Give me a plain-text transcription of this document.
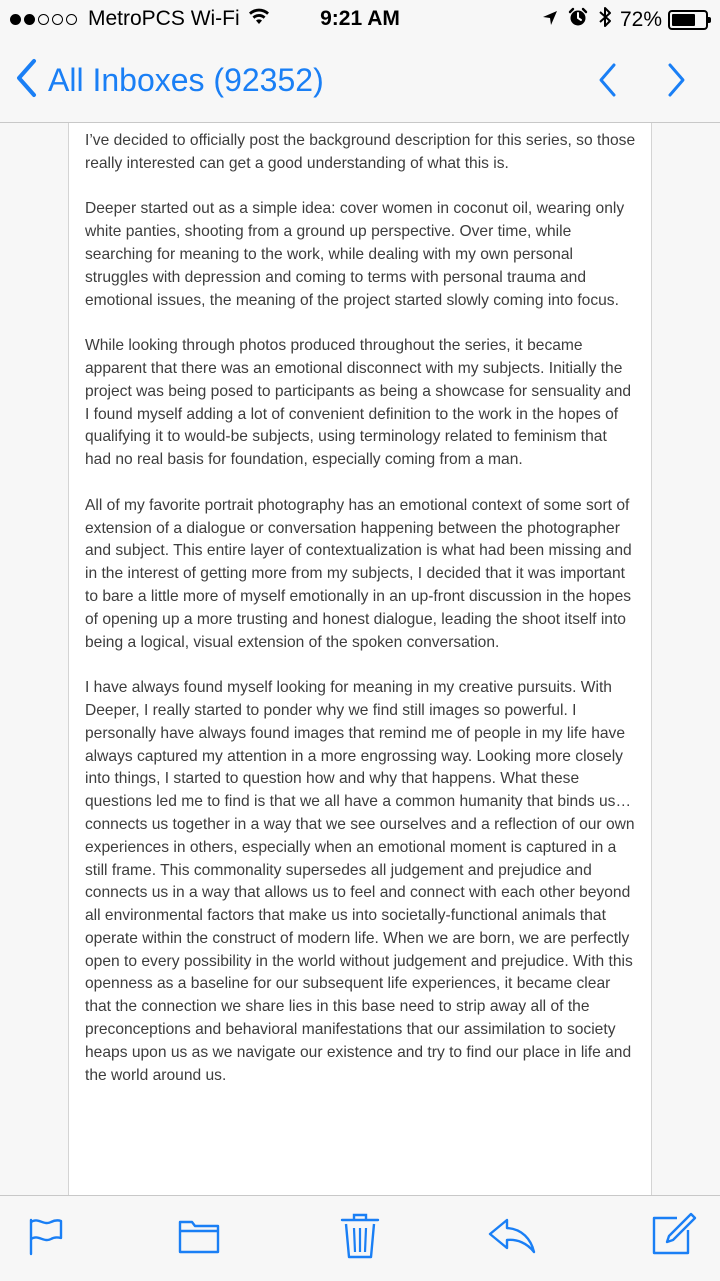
MetroPCS Wi-Fi	9:21 AM	72%
All Inboxes (92352)

I’ve decided to officially post the background description for this series, so those really interested can get a good understanding of what this is.

Deeper started out as a simple idea: cover women in coconut oil, wearing only white panties, shooting from a ground up perspective. Over time, while searching for meaning to the work, while dealing with my own personal struggles with depression and coming to terms with personal trauma and emotional issues, the meaning of the project started slowly coming into focus.

While looking through photos produced throughout the series, it became apparent that there was an emotional disconnect with my subjects. Initially the project was being posed to participants as being a showcase for sensuality and I found myself adding a lot of convenient definition to the work in the hopes of qualifying it to would-be subjects, using terminology related to feminism that had no real basis for foundation, especially coming from a man.

All of my favorite portrait photography has an emotional context of some sort of extension of a dialogue or conversation happening between the photographer and subject. This entire layer of contextualization is what had been missing and in the interest of getting more from my subjects, I decided that it was important to bare a little more of myself emotionally in an up-front discussion in the hopes of opening up a more trusting and honest dialogue, leading the shoot itself into being a logical, visual extension of the spoken conversation.

I have always found myself looking for meaning in my creative pursuits. With Deeper, I really started to ponder why we find still images so powerful. I personally have always found images that remind me of people in my life have always captured my attention in a more engrossing way. Looking more closely into things, I started to question how and why that happens. What these questions led me to find is that we all have a common humanity that binds us… connects us together in a way that we see ourselves and a reflection of our own experiences in others, especially when an emotional moment is captured in a still frame. This commonality supersedes all judgement and prejudice and connects us in a way that allows us to feel and connect with each other beyond all environmental factors that make us into societally-functional animals that operate within the construct of modern life. When we are born, we are perfectly open to every possibility in the world without judgement and prejudice. With this openness as a baseline for our subsequent life experiences, it became clear that the connection we share lies in this base need to strip away all of the preconceptions and behavioral manifestations that our assimilation to society heaps upon us as we navigate our existence and try to find our place in life and the world around us.
